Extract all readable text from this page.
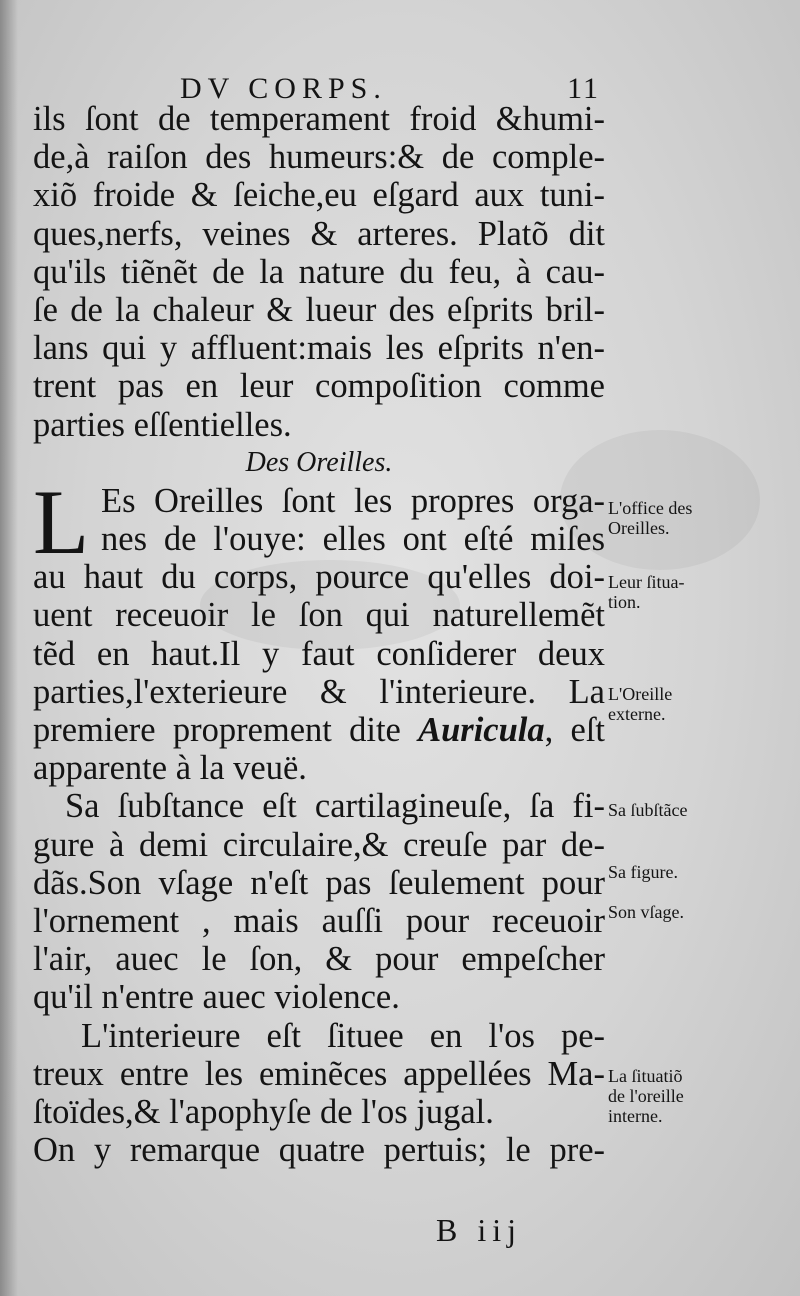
DV CORPS.	11
ils ſont de temperament froid &humi-
de,à raiſon des humeurs:& de comple-
xiõ froide & ſeiche,eu eſgard aux tuni-
ques,nerfs, veines & arteres. Platõ dit
qu'ils tiẽnẽt de la nature du feu, à cau-
ſe de la chaleur & lueur des eſprits bril-
lans qui y affluent:mais les eſprits n'en-
trent pas en leur compoſition comme
parties eſſentielles.
Des Oreilles.
L Es Oreilles ſont les propres orga-
nes de l'ouye: elles ont eſté miſes
au haut du corps, pource qu'elles doi-
uent receuoir le ſon qui naturellemẽt
tẽd en haut.Il y faut conſiderer deux
parties,l'exterieure & l'interieure. La
premiere proprement dite Auricula, eſt
apparente à la veuë.
Sa ſubſtance eſt cartilagineuſe, ſa fi-
gure à demi circulaire,& creuſe par de-
dãs.Son vſage n'eſt pas ſeulement pour
l'ornement , mais auſſi pour receuoir
l'air, auec le ſon, & pour empeſcher
qu'il n'entre auec violence.
L'interieure eſt ſituee en l'os pe-
treux entre les eminẽces appellées Ma-
ſtoïdes,& l'apophyſe de l'os jugal.
On y remarque quatre pertuis; le pre-
L'office des
Oreilles.
Leur ſitua-
tion.
L'Oreille
externe.
Sa ſubſtãce
Sa figure.
Son vſage.
La ſituatiõ
de l'oreille
interne.
B iij
